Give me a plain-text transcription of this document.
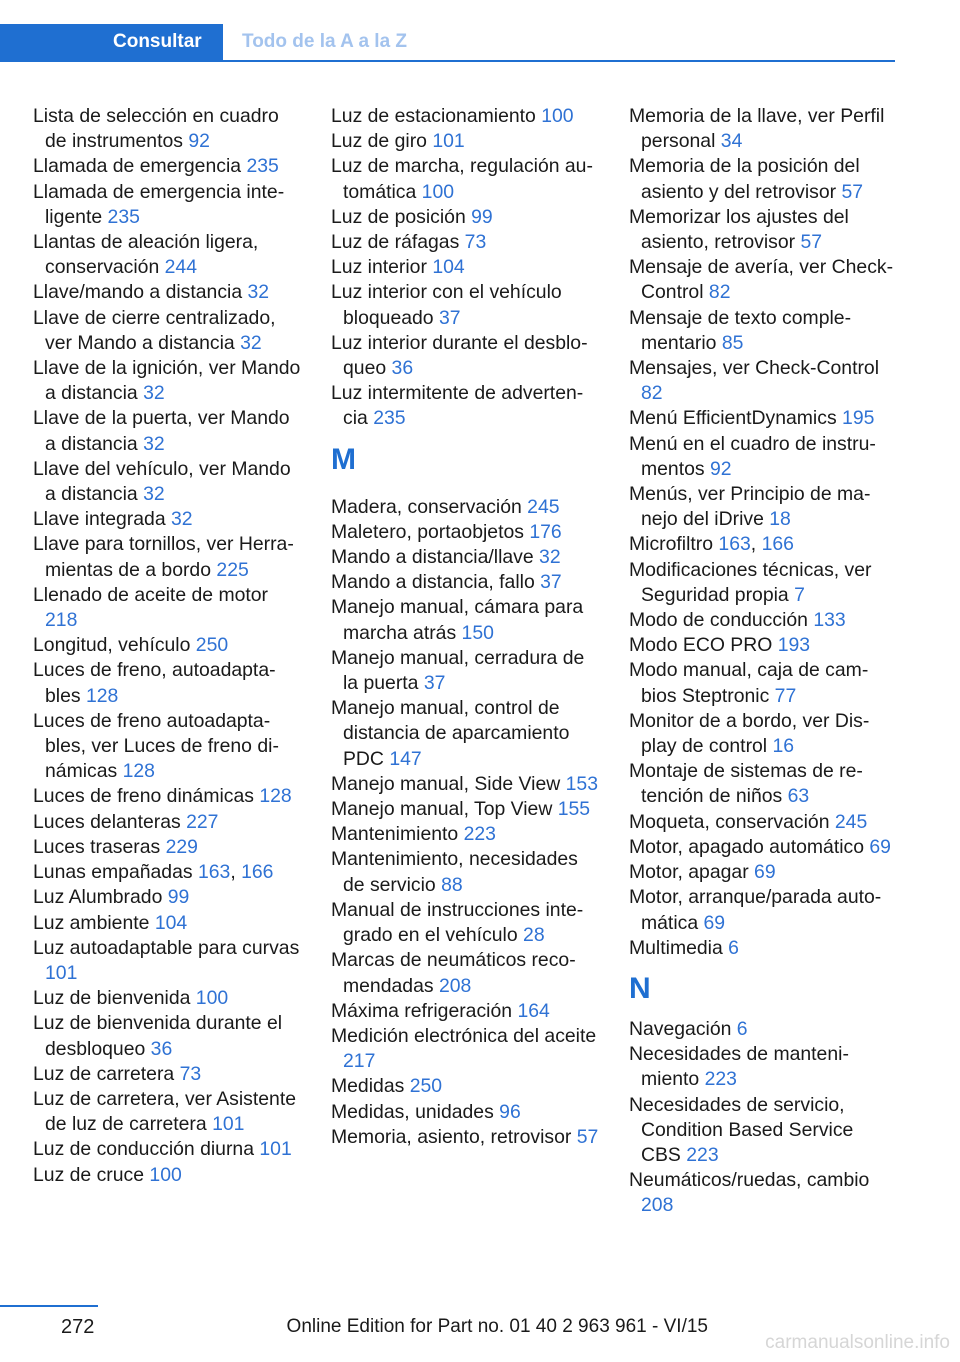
Consultar	Todo de la A a la Z
Lista de selección en cuadro de instrumentos 92
Llamada de emergencia 235
Llamada de emergencia inteligente 235
Llantas de aleación ligera, conservación 244
Llave/mando a distancia 32
Llave de cierre centralizado, ver Mando a distancia 32
Llave de la ignición, ver Mando a distancia 32
Llave de la puerta, ver Mando a distancia 32
Llave del vehículo, ver Mando a distancia 32
Llave integrada 32
Llave para tornillos, ver Herramientas de a bordo 225
Llenado de aceite de motor 218
Longitud, vehículo 250
Luces de freno, autoadaptables 128
Luces de freno autoadaptables, ver Luces de freno dinámicas 128
Luces de freno dinámicas 128
Luces delanteras 227
Luces traseras 229
Lunas empañadas 163, 166
Luz Alumbrado 99
Luz ambiente 104
Luz autoadaptable para curvas 101
Luz de bienvenida 100
Luz de bienvenida durante el desbloqueo 36
Luz de carretera 73
Luz de carretera, ver Asistente de luz de carretera 101
Luz de conducción diurna 101
Luz de cruce 100
Luz de estacionamiento 100
Luz de giro 101
Luz de marcha, regulación automática 100
Luz de posición 99
Luz de ráfagas 73
Luz interior 104
Luz interior con el vehículo bloqueado 37
Luz interior durante el desbloqueo 36
Luz intermitente de advertencia 235
M
Madera, conservación 245
Maletero, portaobjetos 176
Mando a distancia/llave 32
Mando a distancia, fallo 37
Manejo manual, cámara para marcha atrás 150
Manejo manual, cerradura de la puerta 37
Manejo manual, control de distancia de aparcamiento PDC 147
Manejo manual, Side View 153
Manejo manual, Top View 155
Mantenimiento 223
Mantenimiento, necesidades de servicio 88
Manual de instrucciones integrado en el vehículo 28
Marcas de neumáticos recomendadas 208
Máxima refrigeración 164
Medición electrónica del aceite 217
Medidas 250
Medidas, unidades 96
Memoria, asiento, retrovisor 57
Memoria de la llave, ver Perfil personal 34
Memoria de la posición del asiento y del retrovisor 57
Memorizar los ajustes del asiento, retrovisor 57
Mensaje de avería, ver Check-Control 82
Mensaje de texto complementario 85
Mensajes, ver Check-Control 82
Menú EfficientDynamics 195
Menú en el cuadro de instrumentos 92
Menús, ver Principio de manejo del iDrive 18
Microfiltro 163, 166
Modificaciones técnicas, ver Seguridad propia 7
Modo de conducción 133
Modo ECO PRO 193
Modo manual, caja de cambios Steptronic 77
Monitor de a bordo, ver Display de control 16
Montaje de sistemas de retención de niños 63
Moqueta, conservación 245
Motor, apagado automático 69
Motor, apagar 69
Motor, arranque/parada automática 69
Multimedia 6
N
Navegación 6
Necesidades de mantenimiento 223
Necesidades de servicio, Condition Based Service CBS 223
Neumáticos/ruedas, cambio 208
272	Online Edition for Part no. 01 40 2 963 961 - VI/15
carmanualsonline.info
